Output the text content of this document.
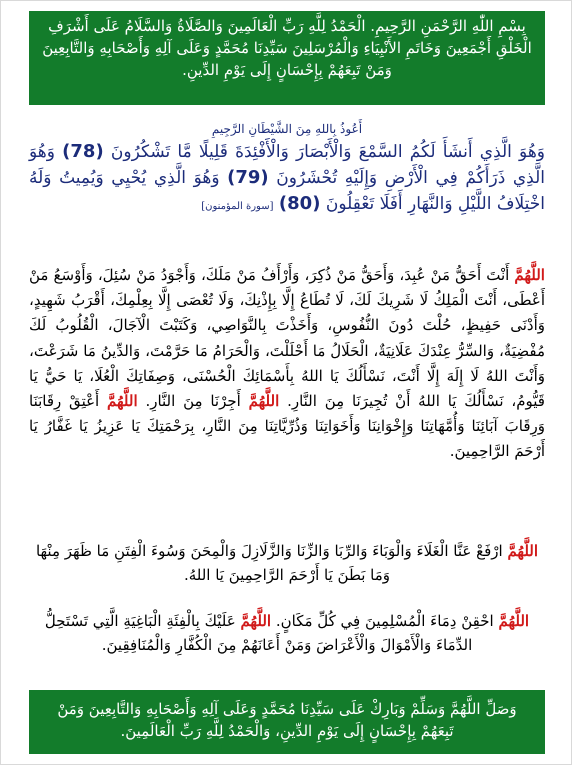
بِسْمِ اللّٰهِ الرَّحْمَنِ الرَّحِيمِ. الْحَمْدُ لِلَّهِ رَبِّ الْعَالَمِينَ وَالصَّلَاةُ وَالسَّلَامُ عَلَى أَشْرَفِ الْخَلْقِ أَجْمَعِينَ وَخَاتَمِ الأَنْبِيَاءِ وَالْمُرْسَلِينَ سَيِّدِنَا مُحَمَّدٍ وَعَلَى آلِهِ وَأَصْحَابِهِ وَالتَّابِعِينَ وَمَنْ تَبِعَهُمْ بِإِحْسَانٍ إِلَى يَوْمِ الدِّينِ.
أَعُوذُ بِاللهِ مِنَ الشَّيْطَانِ الرَّجِيمِ
وَهُوَ الَّذِي أَنشَأَ لَكُمُ السَّمْعَ وَالْأَبْصَارَ وَالْأَفْئِدَةَ قَلِيلًا مَّا تَشْكُرُونَ (78) وَهُوَ الَّذِي ذَرَأَكُمْ فِي الْأَرْضِ وَإِلَيْهِ تُحْشَرُونَ (79) وَهُوَ الَّذِي يُحْيِي وَيُمِيتُ وَلَهُ اخْتِلَافُ اللَّيْلِ وَالنَّهَارِ أَفَلَا تَعْقِلُونَ (80) [سورة المؤمنون]
اللَّهُمَّ أَنْتَ أَحَقُّ مَنْ عُبِدَ، وَأَحَقُّ مَنْ ذُكِرَ، وَأَرْأَفُ مَنْ مَلَكَ، وَأَجْوَدُ مَنْ سُئِلَ، وَأَوْسَعُ مَنْ أَعْطَى، أَنْتَ الْمَلِكُ لَا شَرِيكَ لَكَ، لَا تُطَاعُ إِلَّا بِإِذْنِكَ، وَلَا تُعْصَى إِلَّا بِعِلْمِكَ، أَقْرَبُ شَهِيدٍ، وَأَدْنَى حَفِيظٍ، حُلْتَ دُونَ النُّفُوسِ، وَأَخَذْتَ بِالنَّوَاصِي، وَكَتَبْتَ الْآجَالَ، الْقُلُوبُ لَكَ مُفْضِيَةٌ، وَالسِّرُّ عِنْدَكَ عَلَانِيَةٌ، الْحَلَالُ مَا أَحْلَلْتَ، وَالْحَرَامُ مَا حَرَّمْتَ، وَالدِّينُ مَا شَرَعْتَ، وَأَنْتَ اللهُ لَا إِلَهَ إِلَّا أَنْتَ، نَسْأَلُكَ يَا اللهُ بِأَسْمَائِكَ الْحُسْنَى، وَصِفَاتِكَ الْعُلَا، يَا حَيُّ يَا قَيُّومُ، نَسْأَلُكَ يَا اللهُ أَنْ تُجِيرَنَا مِنَ النَّارِ. اللَّهُمَّ أَجِرْنَا مِنَ النَّارِ. اللَّهُمَّ أَعْتِقْ رِقَابَنَا وَرِقَابَ آبَائِنَا وَأُمَّهَاتِنَا وَإِخْوَانِنَا وَأَخَوَاتِنَا وَذُرِّيَّاتِنَا مِنَ النَّارِ، بِرَحْمَتِكَ يَا عَزِيزُ يَا غَفَّارُ يَا أَرْحَمَ الرَّاحِمِينَ.
اللَّهُمَّ ارْفَعْ عَنَّا الْغَلَاءَ وَالْوَبَاءَ وَالرِّبَا وَالزِّنَا وَالزَّلَازِلَ وَالْمِحَنَ وَسُوءَ الْفِتَنِ مَا ظَهَرَ مِنْهَا وَمَا بَطَنَ يَا أَرْحَمَ الرَّاحِمِينَ يَا اللهُ.
اللَّهُمَّ احْقِنْ دِمَاءَ الْمُسْلِمِينَ فِي كُلِّ مَكَانٍ. اللَّهُمَّ عَلَيْكَ بِالْفِئَةِ الْبَاغِيَةِ الَّتِي تَسْتَحِلُّ الدِّمَاءَ وَالْأَمْوَالَ وَالْأَعْرَاضَ وَمَنْ أَعَانَهُمْ مِنَ الْكُفَّارِ وَالْمُنَافِقِينَ.
وَصَلِّ اللَّهُمَّ وَسَلِّمْ وَبَارِكْ عَلَى سَيِّدِنَا مُحَمَّدٍ وَعَلَى آلِهِ وَأَصْحَابِهِ وَالتَّابِعِينَ وَمَنْ تَبِعَهُمْ بِإِحْسَانٍ إِلَى يَوْمِ الدِّينِ، وَالْحَمْدُ لِلَّهِ رَبِّ الْعَالَمِينَ.
